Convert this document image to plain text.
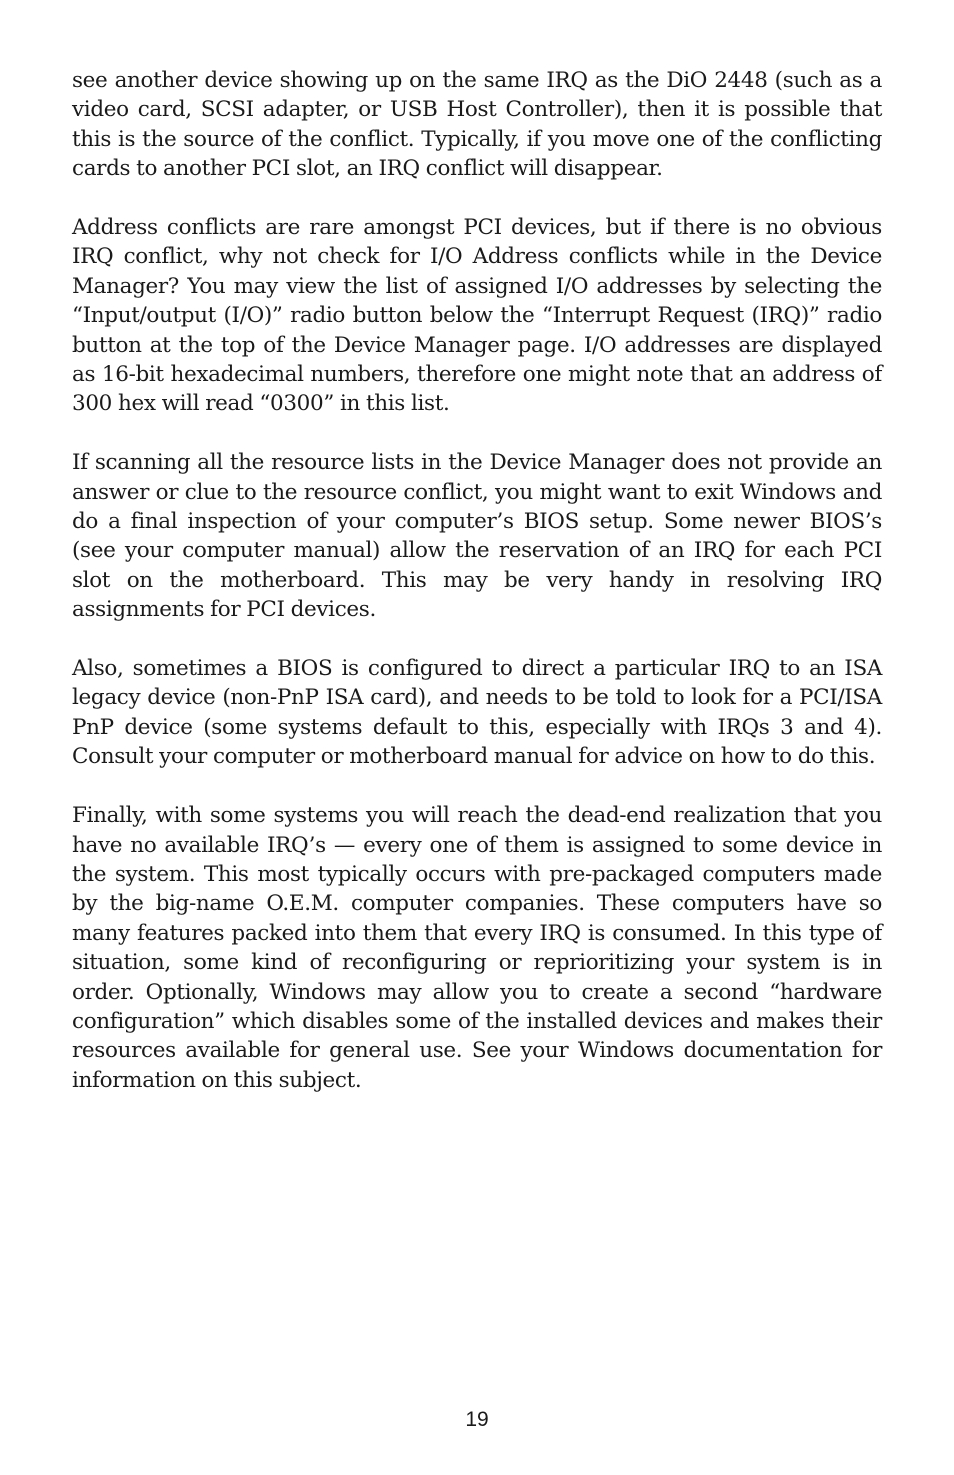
see another device showing up on the same IRQ as the DiO 2448 (such as a video card, SCSI adapter, or USB Host Controller), then it is possible that this is the source of the conflict. Typically, if you move one of the conflicting cards to another PCI slot, an IRQ conflict will disappear.

Address conflicts are rare amongst PCI devices, but if there is no obvious IRQ conflict, why not check for I/O Address conflicts while in the Device Manager? You may view the list of assigned I/O addresses by selecting the “Input/output (I/O)” radio button below the “Interrupt Request (IRQ)” radio button at the top of the Device Manager page. I/O addresses are displayed as 16-bit hexadecimal numbers, therefore one might note that an address of 300 hex will read “0300” in this list.

If scanning all the resource lists in the Device Manager does not provide an answer or clue to the resource conflict, you might want to exit Windows and do a final inspection of your computer’s BIOS setup. Some newer BIOS’s (see your computer manual) allow the reservation of an IRQ for each PCI slot on the motherboard. This may be very handy in resolving IRQ assignments for PCI devices.

Also, sometimes a BIOS is configured to direct a particular IRQ to an ISA legacy device (non-PnP ISA card), and needs to be told to look for a PCI/ISA PnP device (some systems default to this, especially with IRQs 3 and 4). Consult your computer or motherboard manual for advice on how to do this.

Finally, with some systems you will reach the dead-end realization that you have no available IRQ’s — every one of them is assigned to some device in the system. This most typically occurs with pre-packaged computers made by the big-name O.E.M. computer companies. These computers have so many features packed into them that every IRQ is consumed. In this type of situation, some kind of reconfiguring or reprioritizing your system is in order. Optionally, Windows may allow you to create a second “hardware configuration” which disables some of the installed devices and makes their resources available for general use. See your Windows documentation for information on this subject.

19
